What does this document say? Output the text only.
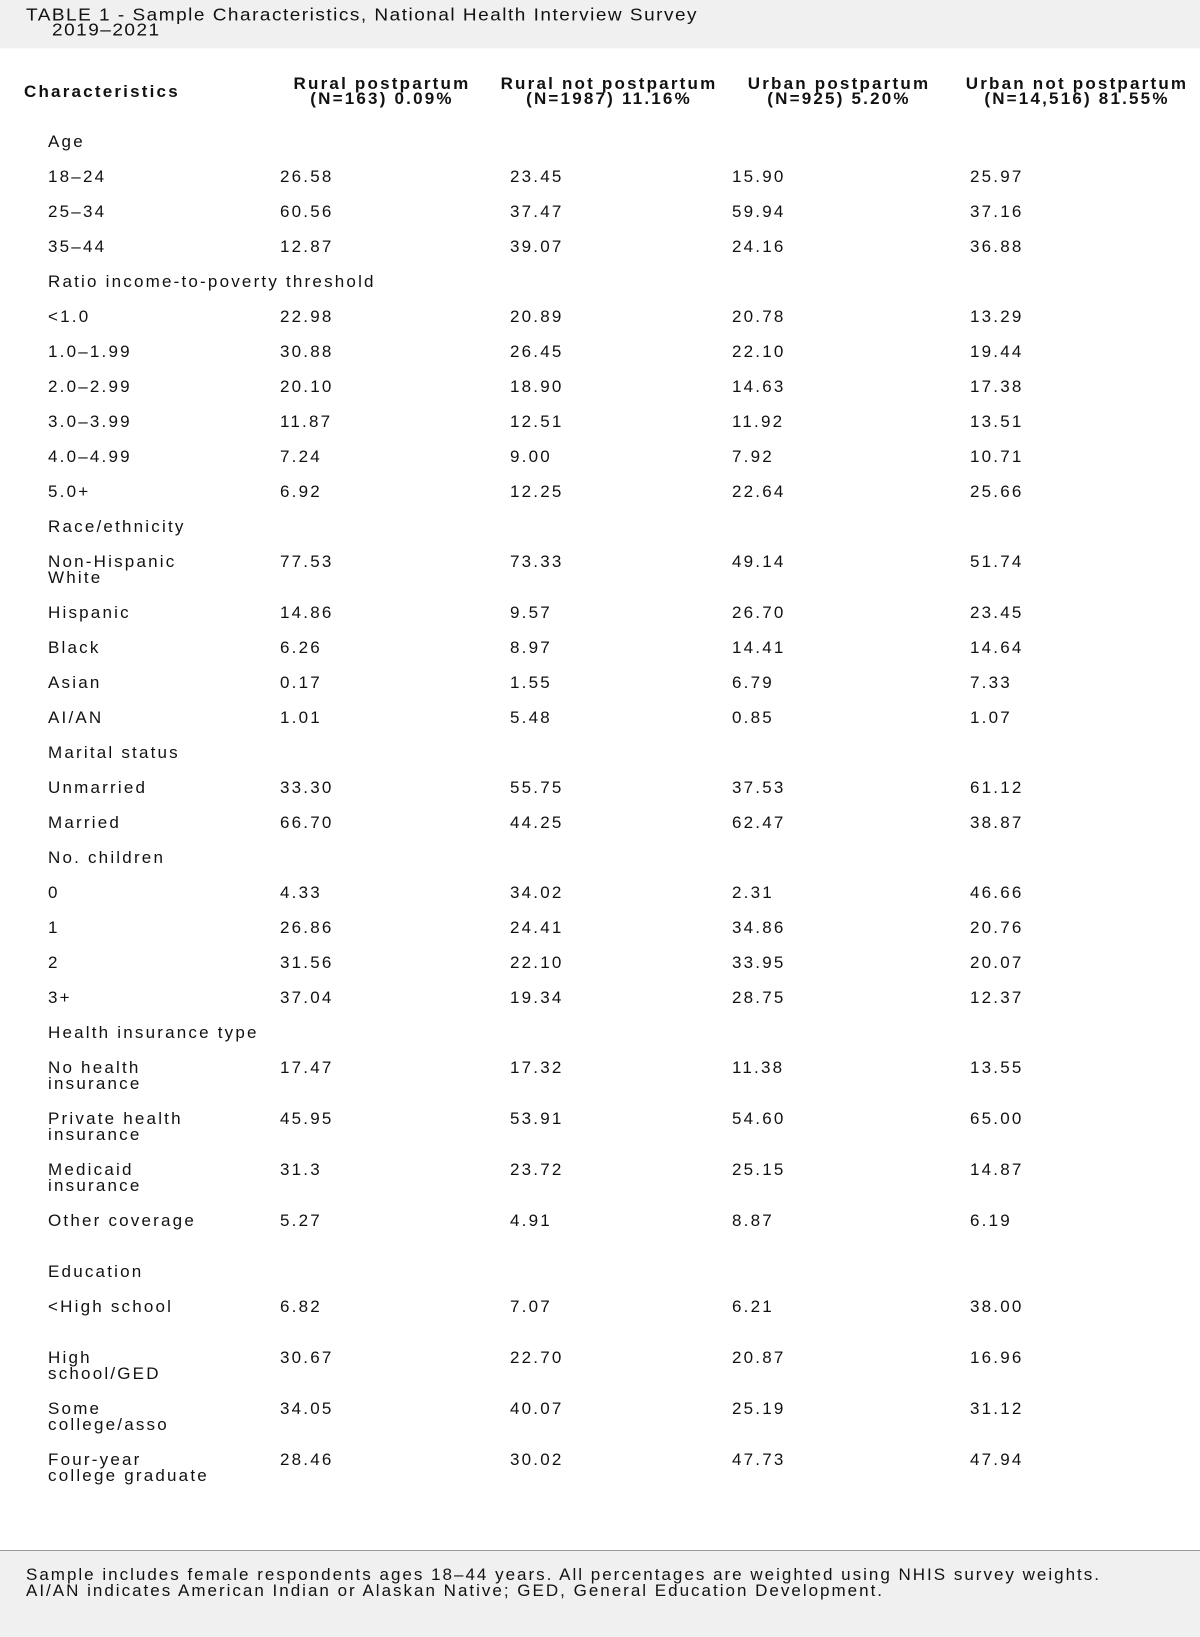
TABLE 1 - Sample Characteristics, National Health Interview Survey
2019–2021
Characteristics	Rural postpartum (N=163) 0.09%	Rural not postpartum (N=1987) 11.16%	Urban postpartum (N=925) 5.20%	Urban not postpartum (N=14,516) 81.55%
Age				
18–24	26.58	23.45	15.90	25.97
25–34	60.56	37.47	59.94	37.16
35–44	12.87	39.07	24.16	36.88
Ratio income-to-poverty threshold				
<1.0	22.98	20.89	20.78	13.29
1.0–1.99	30.88	26.45	22.10	19.44
2.0–2.99	20.10	18.90	14.63	17.38
3.0–3.99	11.87	12.51	11.92	13.51
4.0–4.99	7.24	9.00	7.92	10.71
5.0+	6.92	12.25	22.64	25.66
Race/ethnicity				
Non-Hispanic White	77.53	73.33	49.14	51.74
Hispanic	14.86	9.57	26.70	23.45
Black	6.26	8.97	14.41	14.64
Asian	0.17	1.55	6.79	7.33
AI/AN	1.01	5.48	0.85	1.07
Marital status				
Unmarried	33.30	55.75	37.53	61.12
Married	66.70	44.25	62.47	38.87
No. children				
0	4.33	34.02	2.31	46.66
1	26.86	24.41	34.86	20.76
2	31.56	22.10	33.95	20.07
3+	37.04	19.34	28.75	12.37
Health insurance type				
No health insurance	17.47	17.32	11.38	13.55
Private health insurance	45.95	53.91	54.60	65.00
Medicaid insurance	31.3	23.72	25.15	14.87
Other coverage	5.27	4.91	8.87	6.19
Education				
<High school	6.82	7.07	6.21	38.00
High school/GED	30.67	22.70	20.87	16.96
Some college/asso	34.05	40.07	25.19	31.12
Four-year college graduate	28.46	30.02	47.73	47.94
Sample includes female respondents ages 18–44 years. All percentages are weighted using NHIS survey weights.
AI/AN indicates American Indian or Alaskan Native; GED, General Education Development.
